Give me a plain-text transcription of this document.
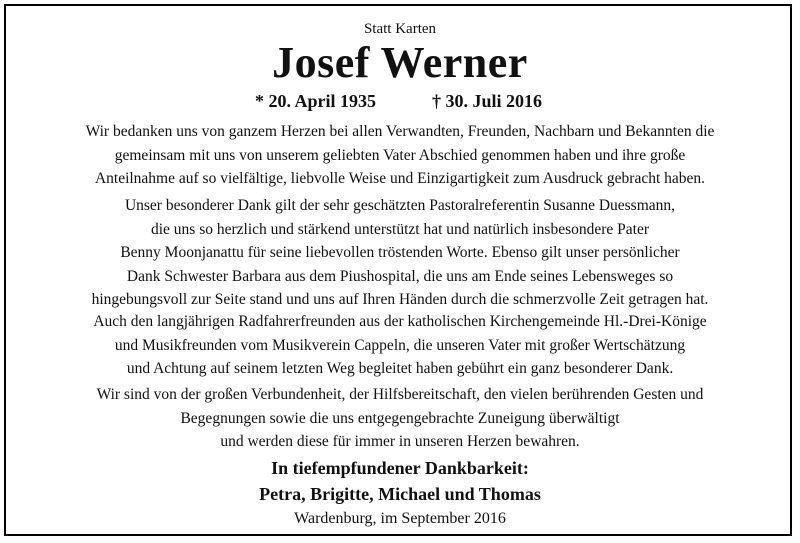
Statt Karten
Josef Werner
* 20. April 1935	† 30. Juli 2016
Wir bedanken uns von ganzem Herzen bei allen Verwandten, Freunden, Nachbarn und Bekannten die
gemeinsam mit uns von unserem geliebten Vater Abschied genommen haben und ihre große
Anteilnahme auf so vielfältige, liebvolle Weise und Einzigartigkeit zum Ausdruck gebracht haben.
Unser besonderer Dank gilt der sehr geschätzten Pastoralreferentin Susanne Duessmann,
die uns so herzlich und stärkend unterstützt hat und natürlich insbesondere Pater
Benny Moonjanattu für seine liebevollen tröstenden Worte. Ebenso gilt unser persönlicher
Dank Schwester Barbara aus dem Piushospital, die uns am Ende seines Lebensweges so
hingebungsvoll zur Seite stand und uns auf Ihren Händen durch die schmerzvolle Zeit getragen hat.
Auch den langjährigen Radfahrerfreunden aus der katholischen Kirchengemeinde Hl.-Drei-Könige
und Musikfreunden vom Musikverein Cappeln, die unseren Vater mit großer Wertschätzung
und Achtung auf seinem letzten Weg begleitet haben gebührt ein ganz besonderer Dank.
Wir sind von der großen Verbundenheit, der Hilfsbereitschaft, den vielen berührenden Gesten und
Begegnungen sowie die uns entgegengebrachte Zuneigung überwältigt
und werden diese für immer in unseren Herzen bewahren.
In tiefempfundener Dankbarkeit:
Petra, Brigitte, Michael und Thomas
Wardenburg, im September 2016
